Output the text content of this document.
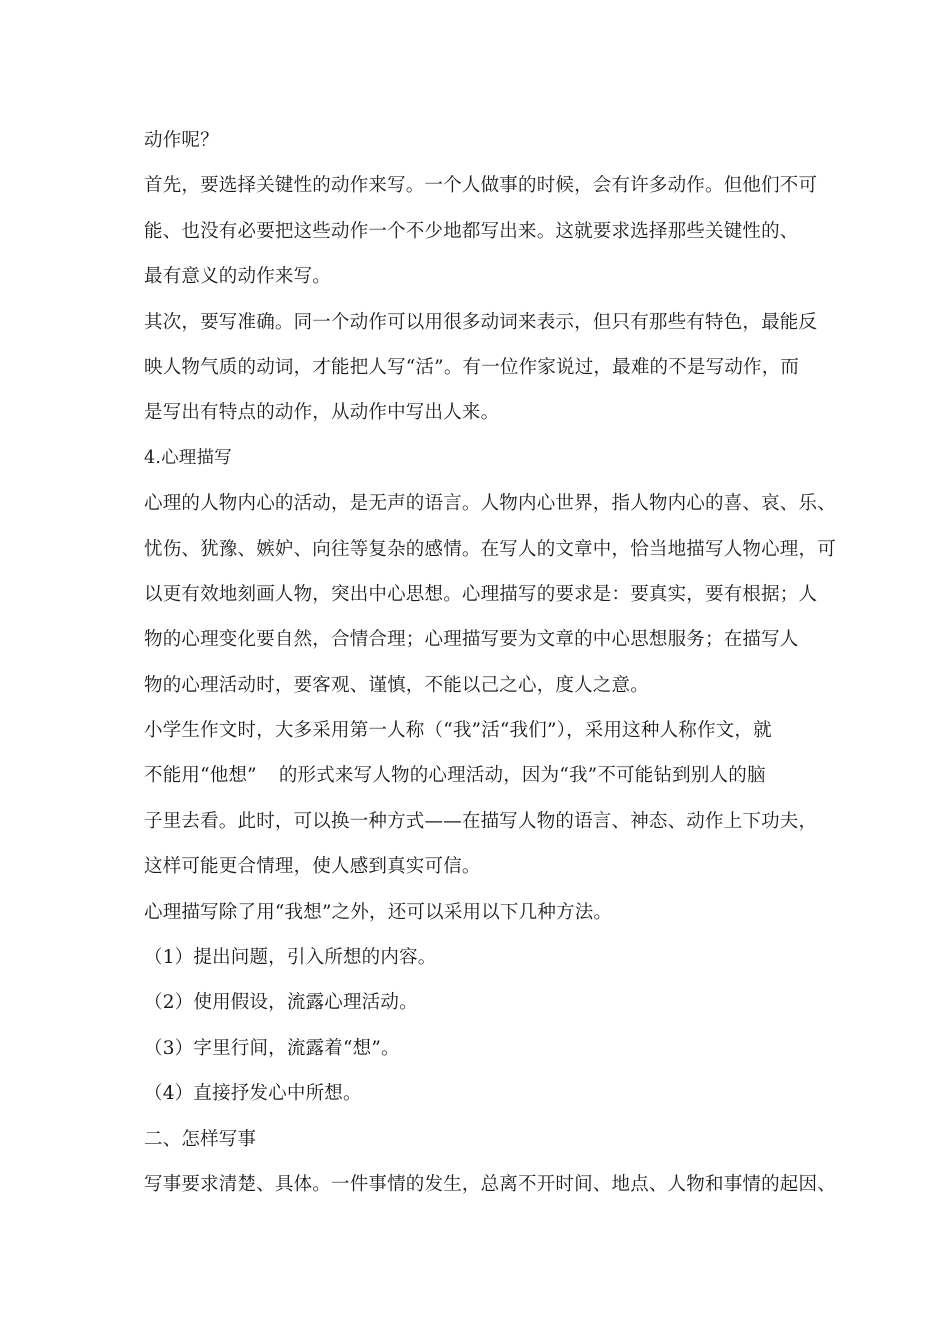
动作呢？
首先，要选择关键性的动作来写。一个人做事的时候，会有许多动作。但他们不可
能、也没有必要把这些动作一个不少地都写出来。这就要求选择那些关键性的、
最有意义的动作来写。
其次，要写准确。同一个动作可以用很多动词来表示，但只有那些有特色，最能反
映人物气质的动词，才能把人写“活”。有一位作家说过，最难的不是写动作，而
是写出有特点的动作，从动作中写出人来。
4.心理描写
心理的人物内心的活动，是无声的语言。人物内心世界，指人物内心的喜、哀、乐、
忧伤、犹豫、嫉妒、向往等复杂的感情。在写人的文章中，恰当地描写人物心理，可
以更有效地刻画人物，突出中心思想。心理描写的要求是：要真实，要有根据；人
物的心理变化要自然，合情合理；心理描写要为文章的中心思想服务；在描写人
物的心理活动时，要客观、谨慎，不能以己之心，度人之意。
小学生作文时，大多采用第一人称（“我”活“我们”），采用这种人称作文，就
不能用“他想” 的形式来写人物的心理活动，因为“我”不可能钻到别人的脑
子里去看。此时，可以换一种方式——在描写人物的语言、神态、动作上下功夫，
这样可能更合情理，使人感到真实可信。
心理描写除了用“我想”之外，还可以采用以下几种方法。
（1）提出问题，引入所想的内容。
（2）使用假设，流露心理活动。
（3）字里行间，流露着“想”。
（4）直接抒发心中所想。
二、怎样写事
写事要求清楚、具体。一件事情的发生，总离不开时间、地点、人物和事情的起因、
